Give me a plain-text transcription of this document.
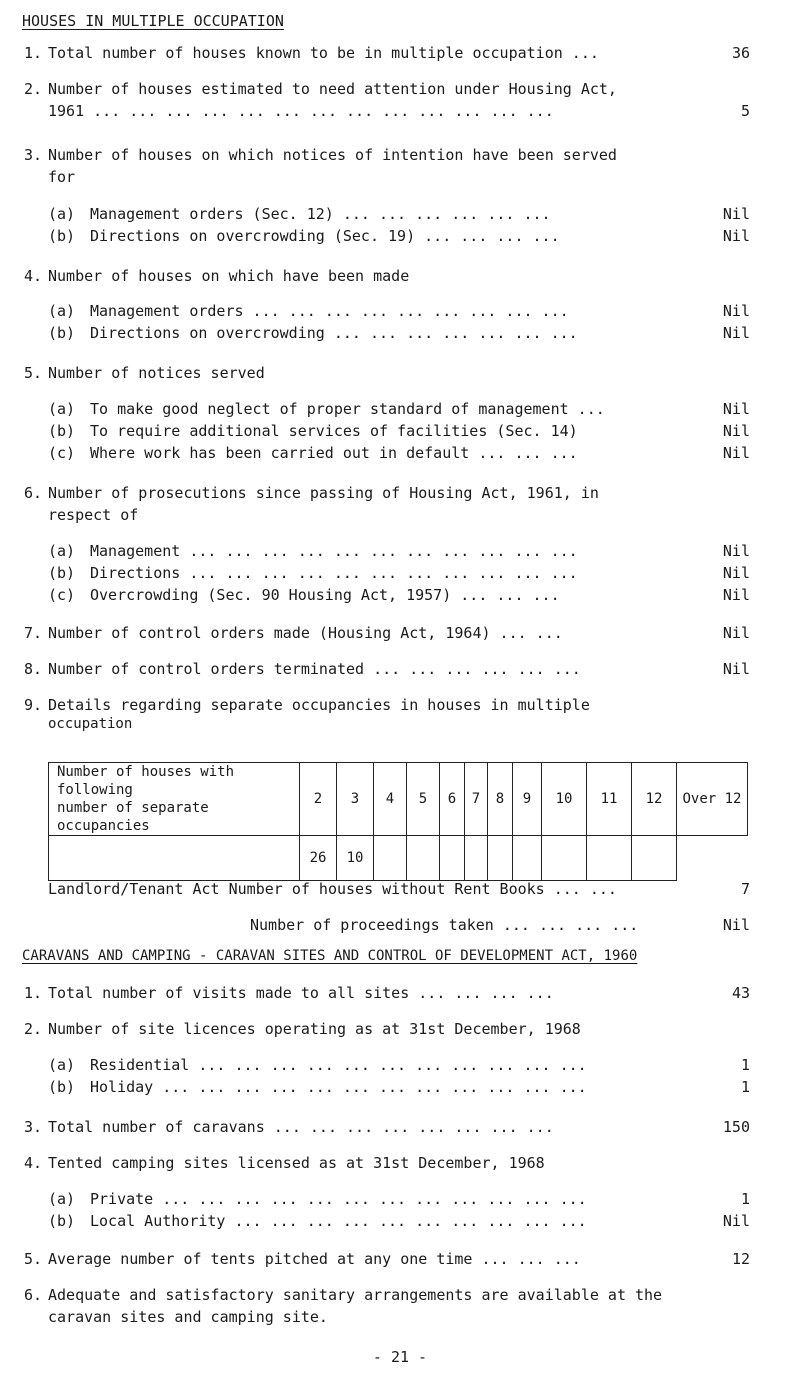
HOUSES IN MULTIPLE OCCUPATION
1. Total number of houses known to be in multiple occupation ...	36
2. Number of houses estimated to need attention under Housing Act,
1961 ... ... ... ... ... ... ... ... ... ... ... ... ...	5
3. Number of houses on which notices of intention have been served
for
(a) Management orders (Sec. 12) ... ... ... ... ... ...	Nil
(b) Directions on overcrowding (Sec. 19) ... ... ... ...	Nil
4. Number of houses on which have been made
(a) Management orders ... ... ... ... ... ... ... ... ...	Nil
(b) Directions on overcrowding ... ... ... ... ... ... ...	Nil
5. Number of notices served
(a) To make good neglect of proper standard of management ...	Nil
(b) To require additional services of facilities (Sec. 14)	Nil
(c) Where work has been carried out in default ... ... ...	Nil
6. Number of prosecutions since passing of Housing Act, 1961, in
respect of
(a) Management ... ... ... ... ... ... ... ... ... ... ...	Nil
(b) Directions ... ... ... ... ... ... ... ... ... ... ...	Nil
(c) Overcrowding (Sec. 90 Housing Act, 1957) ... ... ...	Nil
7. Number of control orders made (Housing Act, 1964) ... ...	Nil
8. Number of control orders terminated ... ... ... ... ... ...	Nil
9. Details regarding separate occupancies in houses in multiple
occupation
Number of houses with following
number of separate occupancies	2	3	4	5	6	7	8	9	10	11	12	Over 12
	26	10										
Landlord/Tenant Act Number of houses without Rent Books ... ...	7
Number of proceedings taken ... ... ... ...	Nil
CARAVANS AND CAMPING - CARAVAN SITES AND CONTROL OF DEVELOPMENT ACT, 1960
1. Total number of visits made to all sites ... ... ... ...	43
2. Number of site licences operating as at 31st December, 1968
(a) Residential ... ... ... ... ... ... ... ... ... ... ...	1
(b) Holiday ... ... ... ... ... ... ... ... ... ... ... ...	1
3. Total number of caravans ... ... ... ... ... ... ... ...	150
4. Tented camping sites licensed as at 31st December, 1968
(a) Private ... ... ... ... ... ... ... ... ... ... ... ...	1
(b) Local Authority ... ... ... ... ... ... ... ... ... ...	Nil
5. Average number of tents pitched at any one time ... ... ...	12
6. Adequate and satisfactory sanitary arrangements are available at the
caravan sites and camping site.
- 21 -
